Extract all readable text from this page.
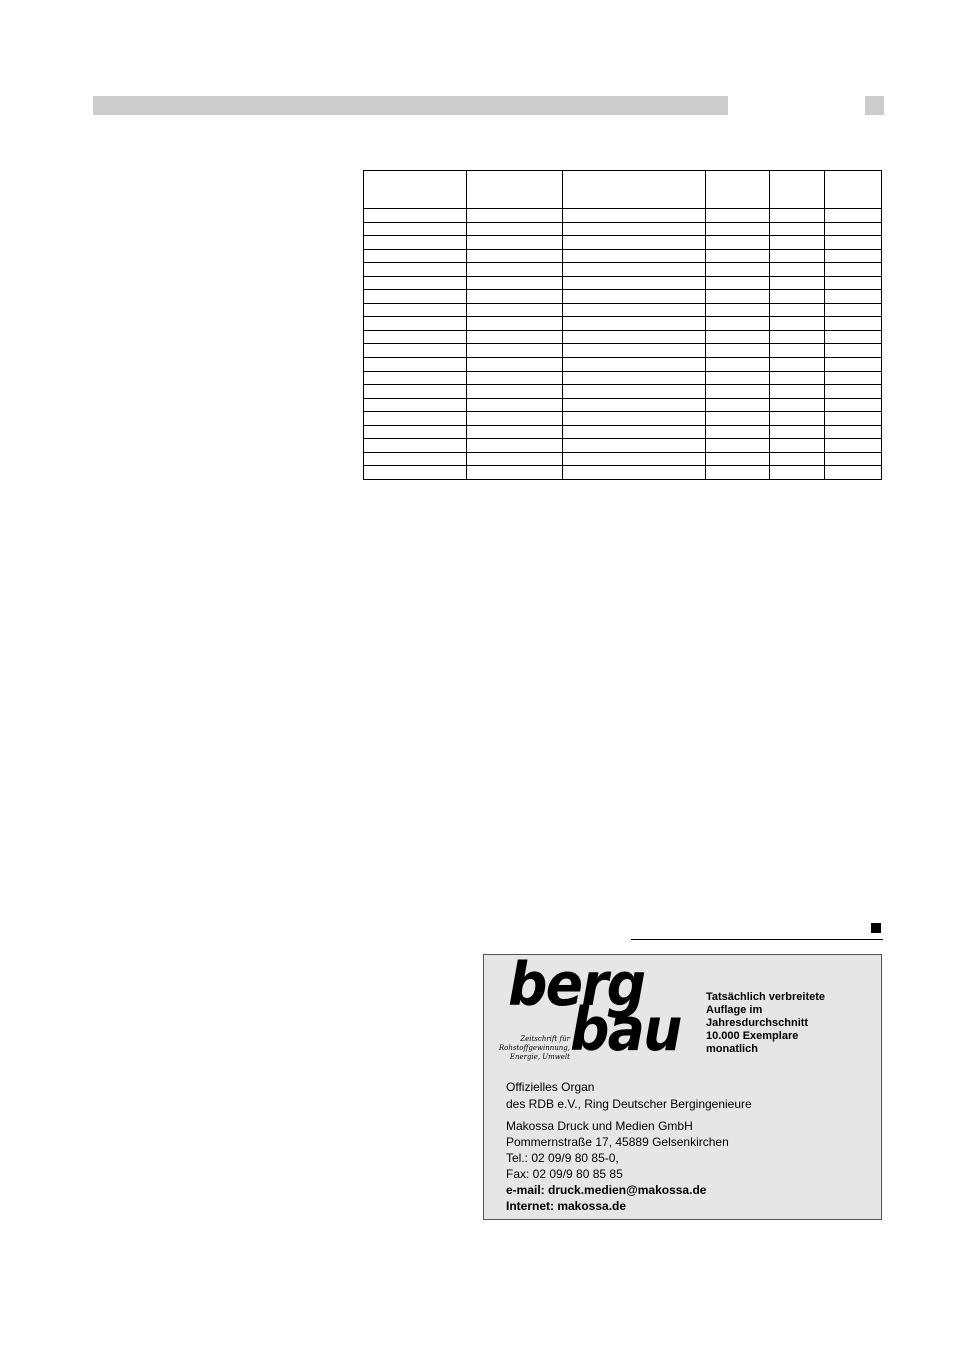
berg
bau
Zeitschrift für Rohstoffgewinnung, Energie, Umwelt
Tatsächlich verbreitete
Auflage im
Jahresdurchschnitt
10.000 Exemplare
monatlich
Offizielles Organ
des RDB e.V., Ring Deutscher Bergingenieure
Makossa Druck und Medien GmbH
Pommernstraße 17, 45889 Gelsenkirchen
Tel.: 02 09/9 80 85-0,
Fax: 02 09/9 80 85 85
e-mail: druck.medien@makossa.de
Internet: makossa.de
